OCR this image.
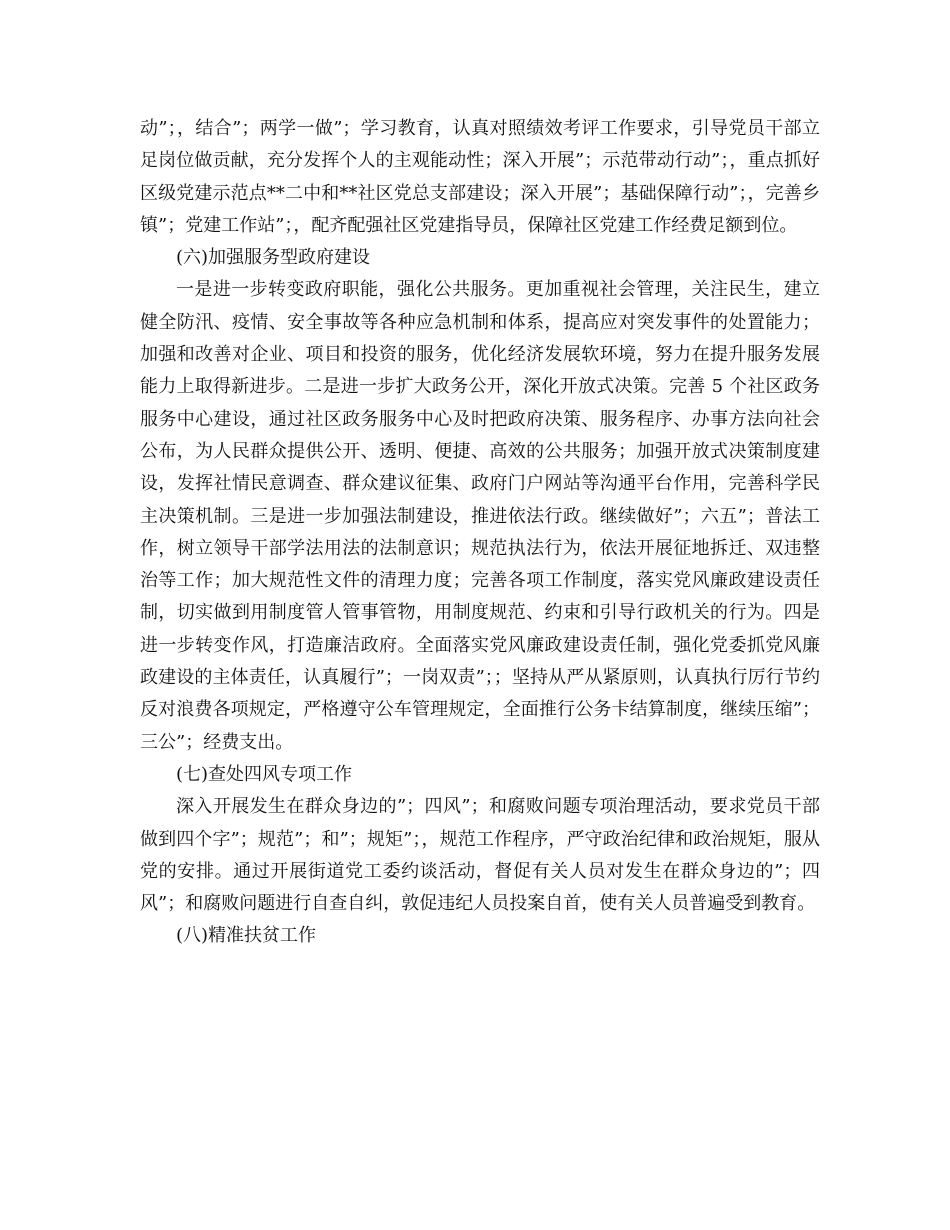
动”；，结合”；两学一做”；学习教育，认真对照绩效考评工作要求，引导党员干部立足岗位做贡献，充分发挥个人的主观能动性；深入开展”；示范带动行动”；，重点抓好区级党建示范点**二中和**社区党总支部建设；深入开展”；基础保障行动”；，完善乡镇”；党建工作站”；，配齐配强社区党建指导员，保障社区党建工作经费足额到位。

(六)加强服务型政府建设

一是进一步转变政府职能，强化公共服务。更加重视社会管理，关注民生，建立健全防汛、疫情、安全事故等各种应急机制和体系，提高应对突发事件的处置能力；加强和改善对企业、项目和投资的服务，优化经济发展软环境，努力在提升服务发展能力上取得新进步。二是进一步扩大政务公开，深化开放式决策。完善 5 个社区政务服务中心建设，通过社区政务服务中心及时把政府决策、服务程序、办事方法向社会公布，为人民群众提供公开、透明、便捷、高效的公共服务；加强开放式决策制度建设，发挥社情民意调查、群众建议征集、政府门户网站等沟通平台作用，完善科学民主决策机制。三是进一步加强法制建设，推进依法行政。继续做好”；六五”；普法工作，树立领导干部学法用法的法制意识；规范执法行为，依法开展征地拆迁、双违整治等工作；加大规范性文件的清理力度；完善各项工作制度，落实党风廉政建设责任制，切实做到用制度管人管事管物，用制度规范、约束和引导行政机关的行为。四是进一步转变作风，打造廉洁政府。全面落实党风廉政建设责任制，强化党委抓党风廉政建设的主体责任，认真履行”；一岗双责”；；坚持从严从紧原则，认真执行厉行节约反对浪费各项规定，严格遵守公车管理规定，全面推行公务卡结算制度，继续压缩”；三公”；经费支出。

(七)查处四风专项工作

深入开展发生在群众身边的”；四风”；和腐败问题专项治理活动，要求党员干部做到四个字”；规范”；和”；规矩”；，规范工作程序，严守政治纪律和政治规矩，服从党的安排。通过开展街道党工委约谈活动，督促有关人员对发生在群众身边的”；四风”；和腐败问题进行自查自纠，敦促违纪人员投案自首，使有关人员普遍受到教育。

(八)精准扶贫工作
